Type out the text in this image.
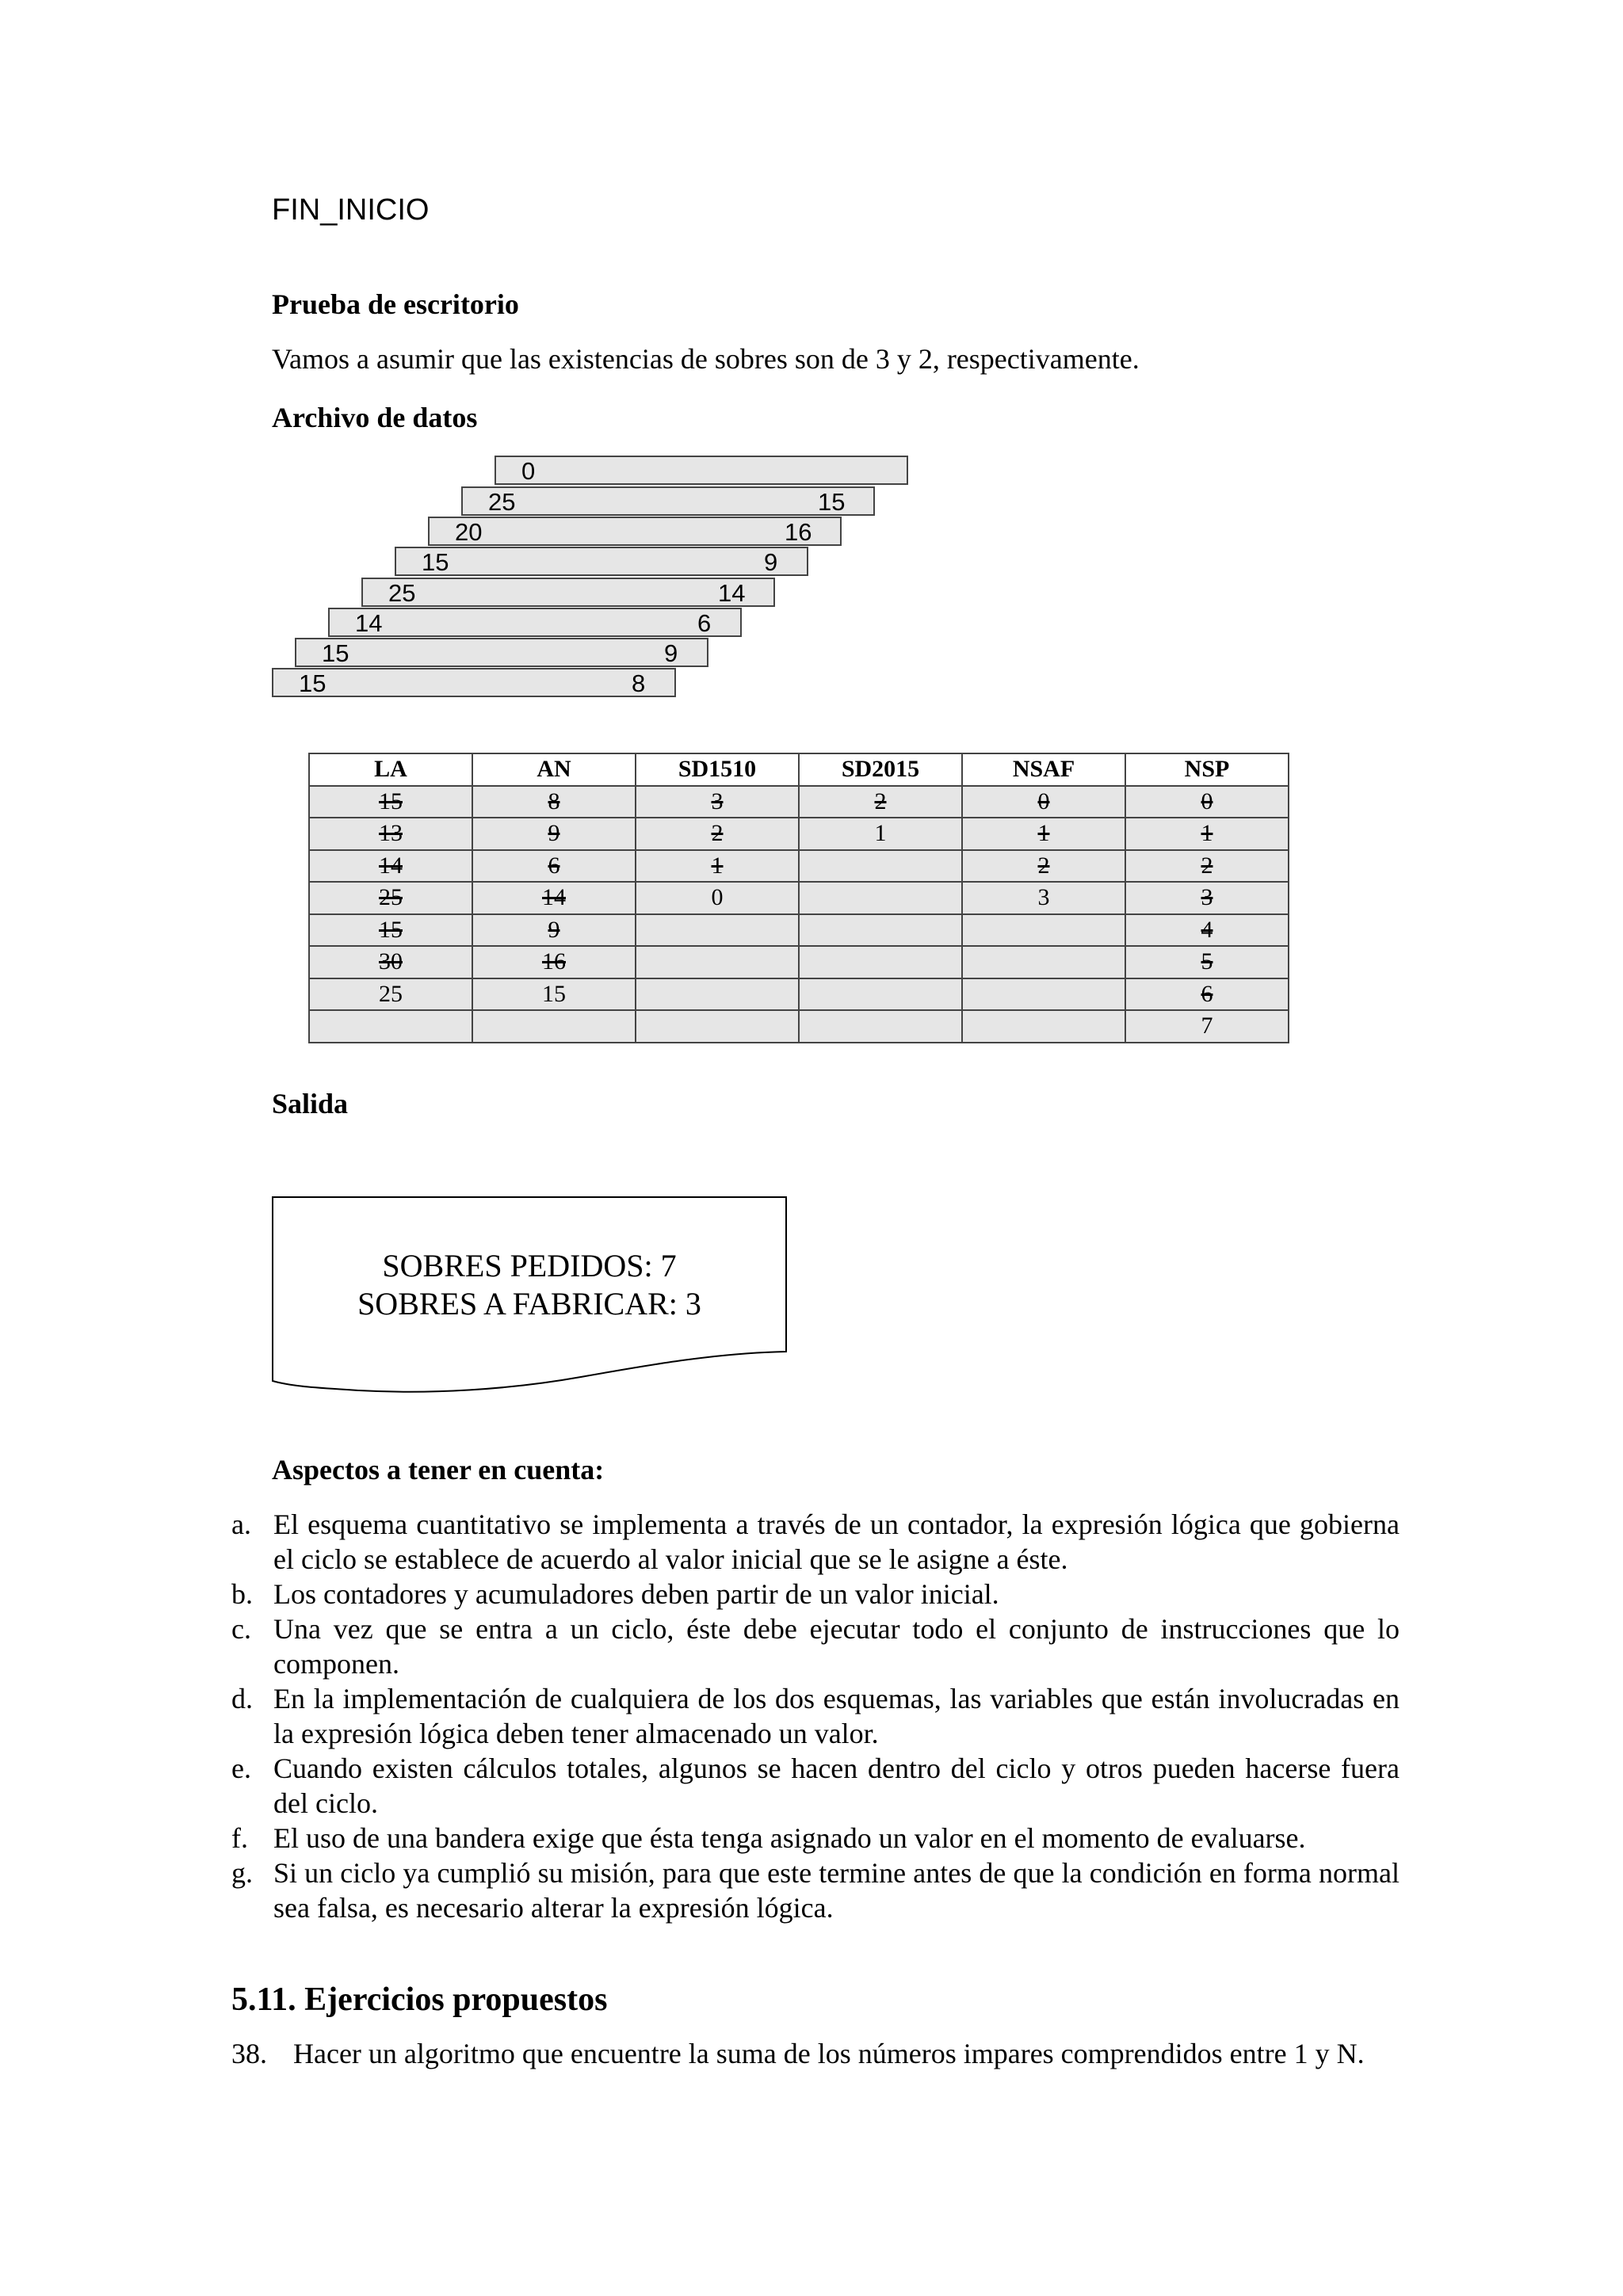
FIN_INICIO
Prueba de escritorio
Vamos a asumir que las existencias de sobres son de 3 y 2, respectivamente.
Archivo de datos
0
25	15
20	16
15	9
25	14
14	6
15	9
15	8
LA	AN	SD1510	SD2015	NSAF	NSP
15	8	3	2	0	0
13	9	2	1	1	1
14	6	1		2	2
25	14	0		3	3
15	9				4
30	16				5
25	15				6
					7
Salida
SOBRES PEDIDOS: 7
SOBRES A FABRICAR: 3
Aspectos a tener en cuenta:
a. El esquema cuantitativo se implementa a través de un contador, la expresión lógica que gobierna el ciclo se establece de acuerdo al valor inicial que se le asigne a éste.
b. Los contadores y acumuladores deben partir de un valor inicial.
c. Una vez que se entra a un ciclo, éste debe ejecutar todo el conjunto de instrucciones que lo componen.
d. En la implementación de cualquiera de los dos esquemas, las variables que están involucradas en la expresión lógica deben tener almacenado un valor.
e. Cuando existen cálculos totales, algunos se hacen dentro del ciclo y otros pueden hacerse fuera del ciclo.
f. El uso de una bandera exige que ésta tenga asignado un valor en el momento de evaluarse.
g. Si un ciclo ya cumplió su misión, para que este termine antes de que la condición en forma normal sea falsa, es necesario alterar la expresión lógica.
5.11. Ejercicios propuestos
38. Hacer un algoritmo que encuentre la suma de los números impares comprendidos entre 1 y N.
